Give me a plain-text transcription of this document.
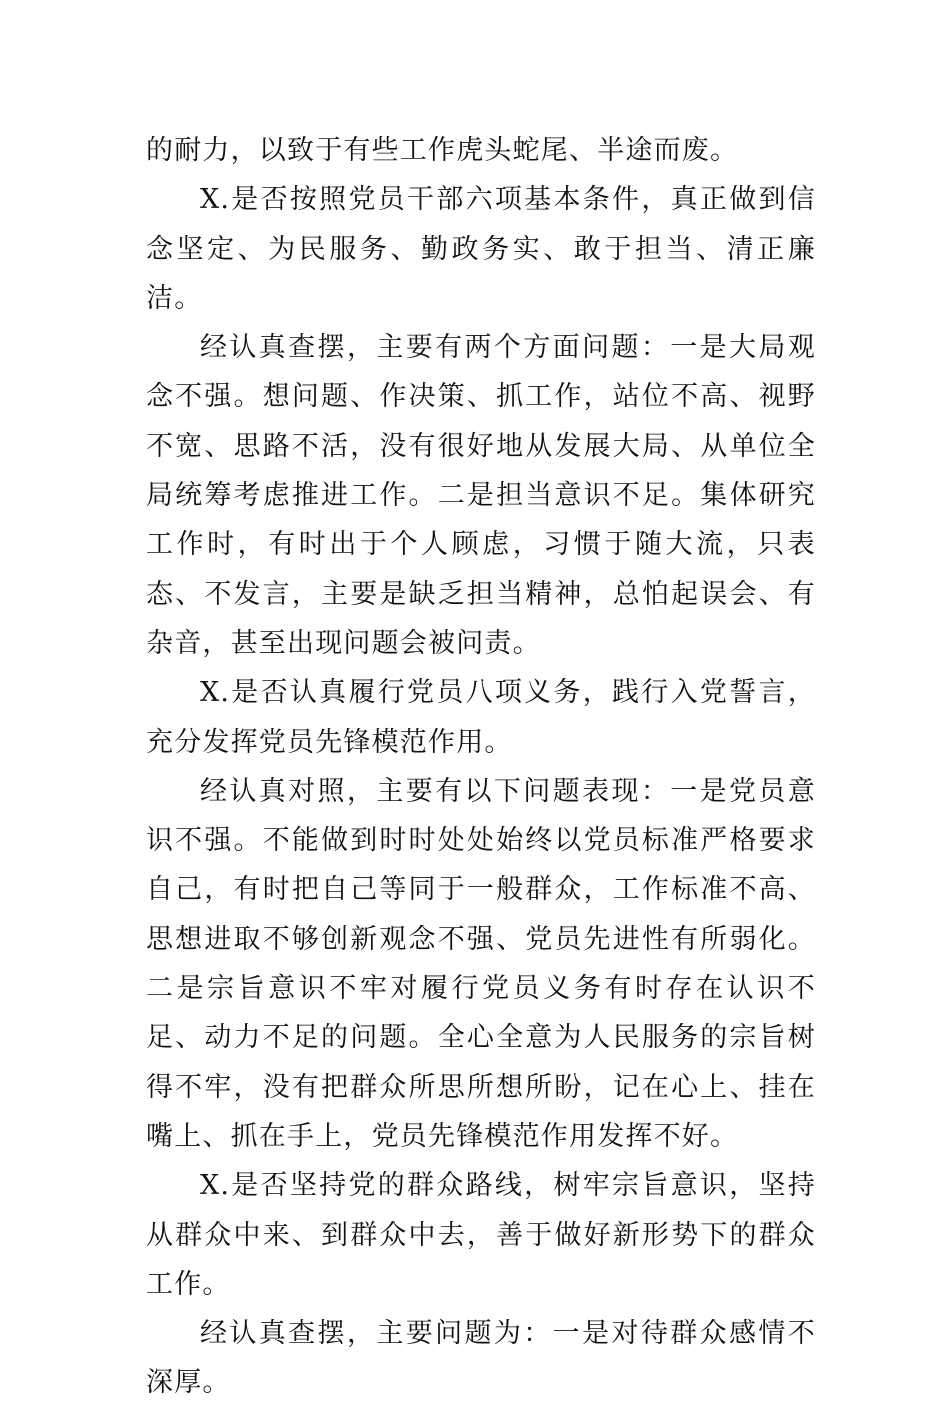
的耐力，以致于有些工作虎头蛇尾、半途而废。

X.是否按照党员干部六项基本条件，真正做到信念坚定、为民服务、勤政务实、敢于担当、清正廉洁。

经认真查摆，主要有两个方面问题：一是大局观念不强。想问题、作决策、抓工作，站位不高、视野不宽、思路不活，没有很好地从发展大局、从单位全局统筹考虑推进工作。二是担当意识不足。集体研究工作时，有时出于个人顾虑，习惯于随大流，只表态、不发言，主要是缺乏担当精神，总怕起误会、有杂音，甚至出现问题会被问责。

X.是否认真履行党员八项义务，践行入党誓言，充分发挥党员先锋模范作用。

经认真对照，主要有以下问题表现：一是党员意识不强。不能做到时时处处始终以党员标准严格要求自己，有时把自己等同于一般群众，工作标准不高、思想进取不够创新观念不强、党员先进性有所弱化。二是宗旨意识不牢对履行党员义务有时存在认识不足、动力不足的问题。全心全意为人民服务的宗旨树得不牢，没有把群众所思所想所盼，记在心上、挂在嘴上、抓在手上，党员先锋模范作用发挥不好。

X.是否坚持党的群众路线，树牢宗旨意识，坚持从群众中来、到群众中去，善于做好新形势下的群众工作。

经认真查摆，主要问题为：一是对待群众感情不深厚。
